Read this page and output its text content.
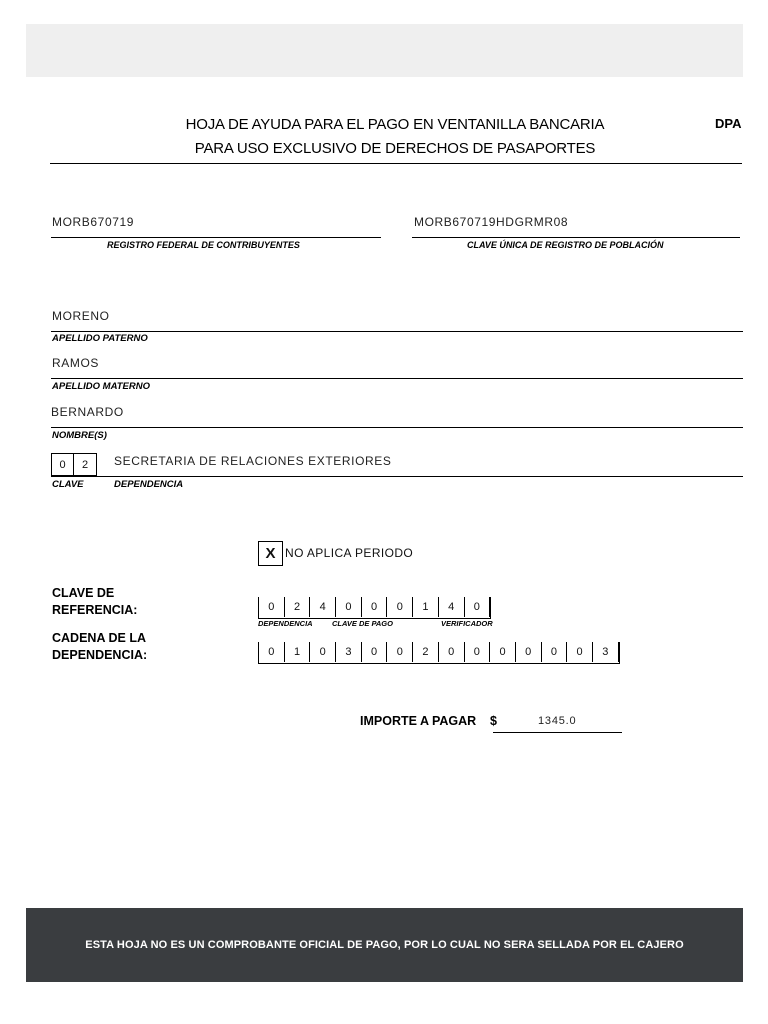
HOJA DE AYUDA PARA EL PAGO EN VENTANILLA BANCARIA
PARA USO EXCLUSIVO DE DERECHOS DE PASAPORTES
DPA
MORB670719
REGISTRO FEDERAL DE CONTRIBUYENTES
MORB670719HDGRMR08
CLAVE ÚNICA DE REGISTRO DE POBLACIÓN
MORENO
APELLIDO PATERNO
RAMOS
APELLIDO MATERNO
BERNARDO
NOMBRE(S)
0	2	SECRETARIA DE RELACIONES EXTERIORES
CLAVE	DEPENDENCIA
X NO APLICA PERIODO
CLAVE DE
REFERENCIA:	0	2	4	0	0	0	1	4	0
DEPENDENCIA	CLAVE DE PAGO	VERIFICADOR
CADENA DE LA
DEPENDENCIA:	0	1	0	3	0	0	2	0	0	0	0	0	0	3
IMPORTE A PAGAR $	1345.0
ESTA HOJA NO ES UN COMPROBANTE OFICIAL DE PAGO, POR LO CUAL NO SERA SELLADA POR EL CAJERO
